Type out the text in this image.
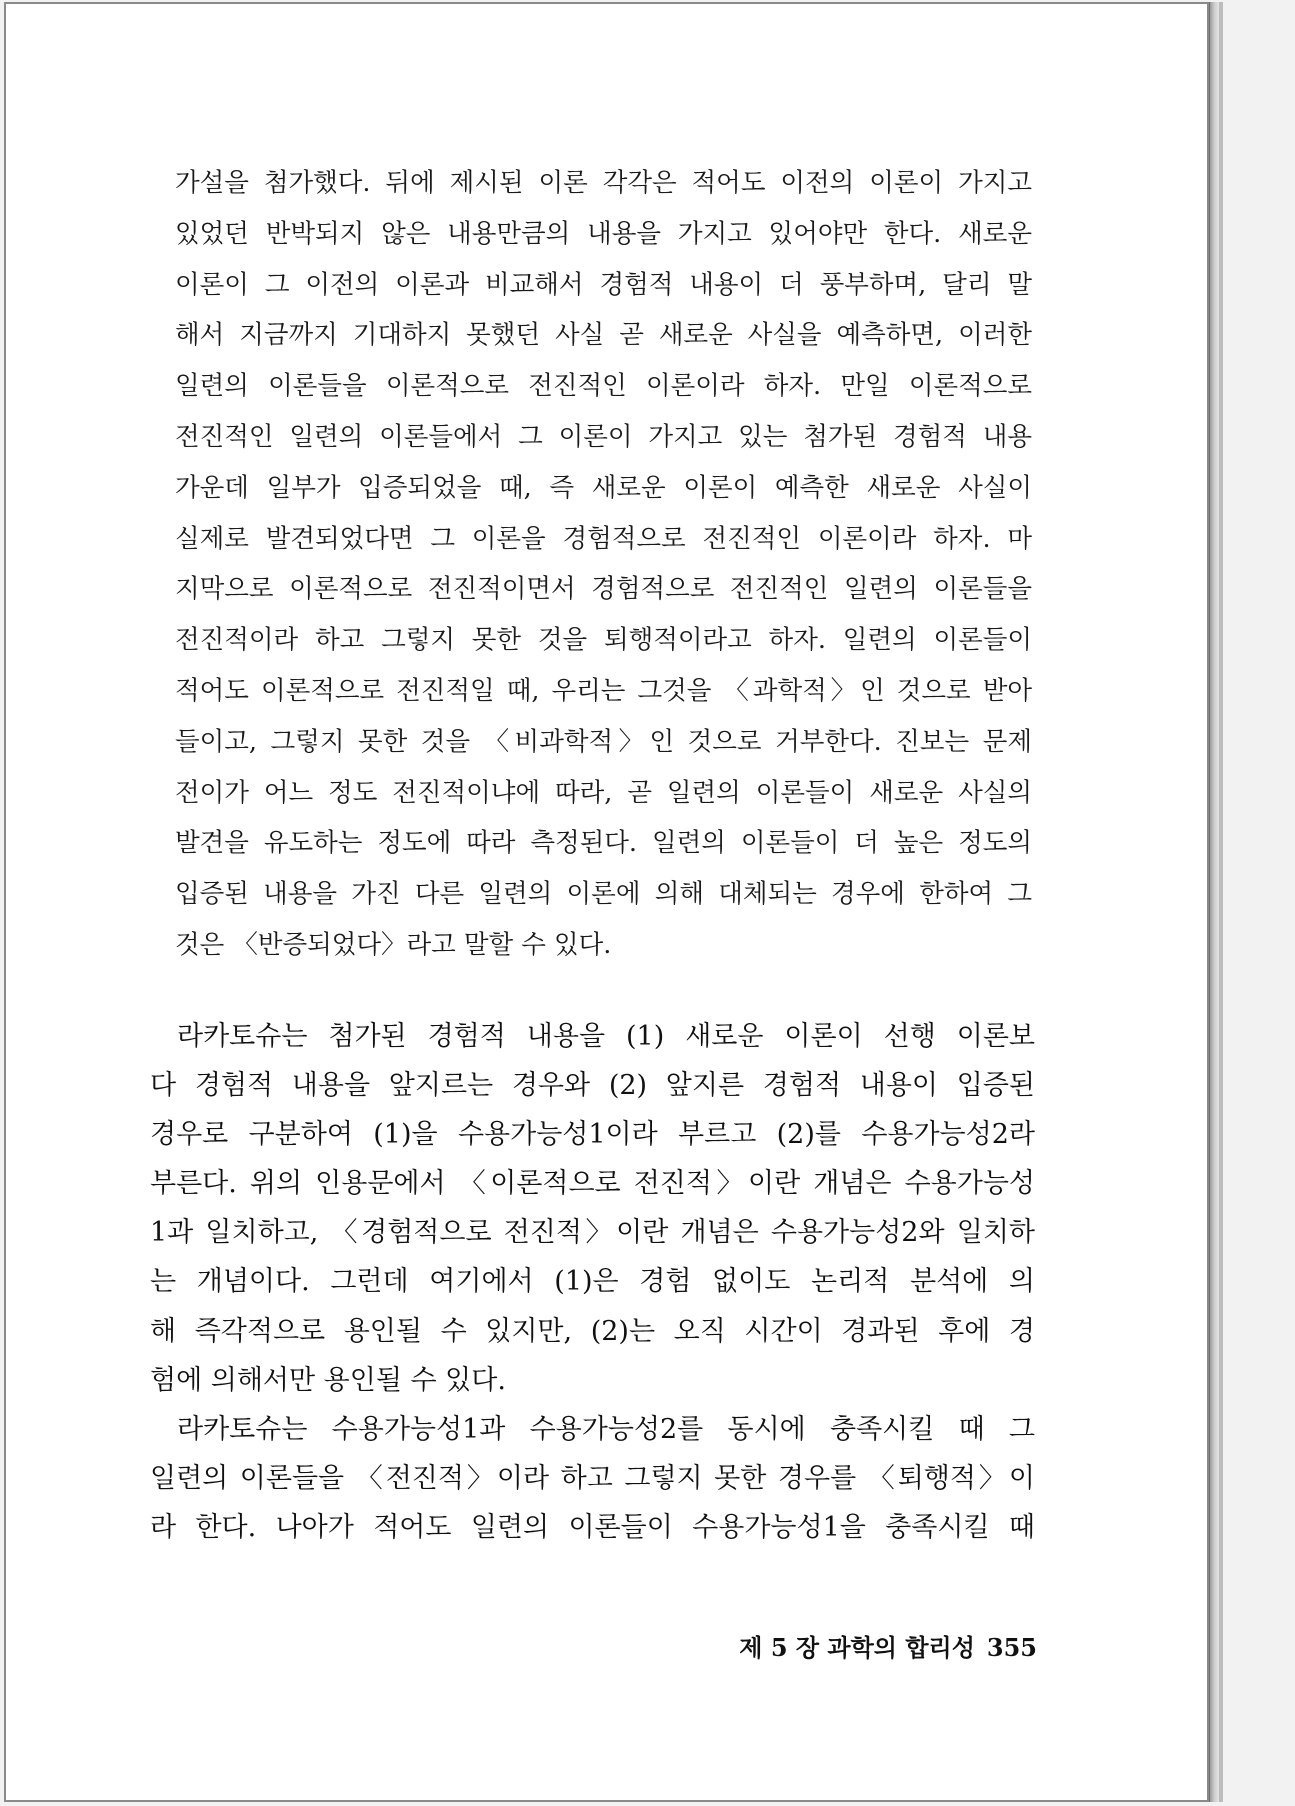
가설을 첨가했다. 뒤에 제시된 이론 각각은 적어도 이전의 이론이 가지고
있었던 반박되지 않은 내용만큼의 내용을 가지고 있어야만 한다. 새로운
이론이 그 이전의 이론과 비교해서 경험적 내용이 더 풍부하며, 달리 말
해서 지금까지 기대하지 못했던 사실 곧 새로운 사실을 예측하면, 이러한
일련의 이론들을 이론적으로 전진적인 이론이라 하자. 만일 이론적으로
전진적인 일련의 이론들에서 그 이론이 가지고 있는 첨가된 경험적 내용
가운데 일부가 입증되었을 때, 즉 새로운 이론이 예측한 새로운 사실이
실제로 발견되었다면 그 이론을 경험적으로 전진적인 이론이라 하자. 마
지막으로 이론적으로 전진적이면서 경험적으로 전진적인 일련의 이론들을
전진적이라 하고 그렇지 못한 것을 퇴행적이라고 하자. 일련의 이론들이
적어도 이론적으로 전진적일 때, 우리는 그것을 〈과학적〉인 것으로 받아
들이고, 그렇지 못한 것을 〈비과학적〉인 것으로 거부한다. 진보는 문제
전이가 어느 정도 전진적이냐에 따라, 곧 일련의 이론들이 새로운 사실의
발견을 유도하는 정도에 따라 측정된다. 일련의 이론들이 더 높은 정도의
입증된 내용을 가진 다른 일련의 이론에 의해 대체되는 경우에 한하여 그
것은 〈반증되었다〉라고 말할 수 있다.
라카토슈는 첨가된 경험적 내용을 (1) 새로운 이론이 선행 이론보
다 경험적 내용을 앞지르는 경우와 (2) 앞지른 경험적 내용이 입증된
경우로 구분하여 (1)을 수용가능성1이라 부르고 (2)를 수용가능성2라
부른다. 위의 인용문에서 〈이론적으로 전진적〉이란 개념은 수용가능성
1과 일치하고, 〈경험적으로 전진적〉이란 개념은 수용가능성2와 일치하
는 개념이다. 그런데 여기에서 (1)은 경험 없이도 논리적 분석에 의
해 즉각적으로 용인될 수 있지만, (2)는 오직 시간이 경과된 후에 경
험에 의해서만 용인될 수 있다.
라카토슈는 수용가능성1과 수용가능성2를 동시에 충족시킬 때 그
일련의 이론들을 〈전진적〉이라 하고 그렇지 못한 경우를 〈퇴행적〉이
라 한다. 나아가 적어도 일련의 이론들이 수용가능성1을 충족시킬 때
제 5 장 과학의 합리성 355
